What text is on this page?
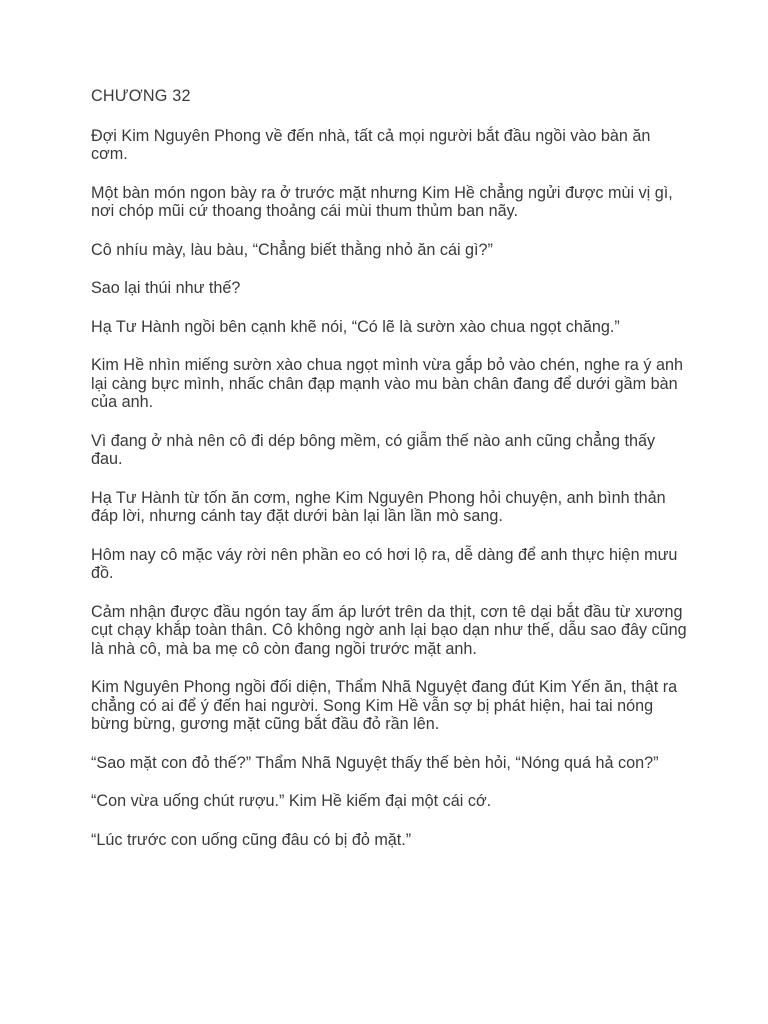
CHƯƠNG 32

Đợi Kim Nguyên Phong về đến nhà, tất cả mọi người bắt đầu ngồi vào bàn ăn cơm.

Một bàn món ngon bày ra ở trước mặt nhưng Kim Hề chẳng ngửi được mùi vị gì, nơi chóp mũi cứ thoang thoảng cái mùi thum thủm ban nãy.

Cô nhíu mày, làu bàu, “Chẳng biết thằng nhỏ ăn cái gì?”

Sao lại thúi như thế?

Hạ Tư Hành ngồi bên cạnh khẽ nói, “Có lẽ là sườn xào chua ngọt chăng.”

Kim Hề nhìn miếng sườn xào chua ngọt mình vừa gắp bỏ vào chén, nghe ra ý anh lại càng bực mình, nhấc chân đạp mạnh vào mu bàn chân đang để dưới gầm bàn của anh.

Vì đang ở nhà nên cô đi dép bông mềm, có giẫm thế nào anh cũng chẳng thấy đau.

Hạ Tư Hành từ tốn ăn cơm, nghe Kim Nguyên Phong hỏi chuyện, anh bình thản đáp lời, nhưng cánh tay đặt dưới bàn lại lần lần mò sang.

Hôm nay cô mặc váy rời nên phần eo có hơi lộ ra, dễ dàng để anh thực hiện mưu đồ.

Cảm nhận được đầu ngón tay ấm áp lướt trên da thịt, cơn tê dại bắt đầu từ xương cụt chạy khắp toàn thân. Cô không ngờ anh lại bạo dạn như thế, dẫu sao đây cũng là nhà cô, mà ba mẹ cô còn đang ngồi trước mặt anh.

Kim Nguyên Phong ngồi đối diện, Thẩm Nhã Nguyệt đang đút Kim Yến ăn, thật ra chẳng có ai để ý đến hai người. Song Kim Hề vẫn sợ bị phát hiện, hai tai nóng bừng bừng, gương mặt cũng bắt đầu đỏ rần lên.

“Sao mặt con đỏ thế?” Thẩm Nhã Nguyệt thấy thế bèn hỏi, “Nóng quá hả con?”

“Con vừa uống chút rượu.” Kim Hề kiếm đại một cái cớ.

“Lúc trước con uống cũng đâu có bị đỏ mặt.”
